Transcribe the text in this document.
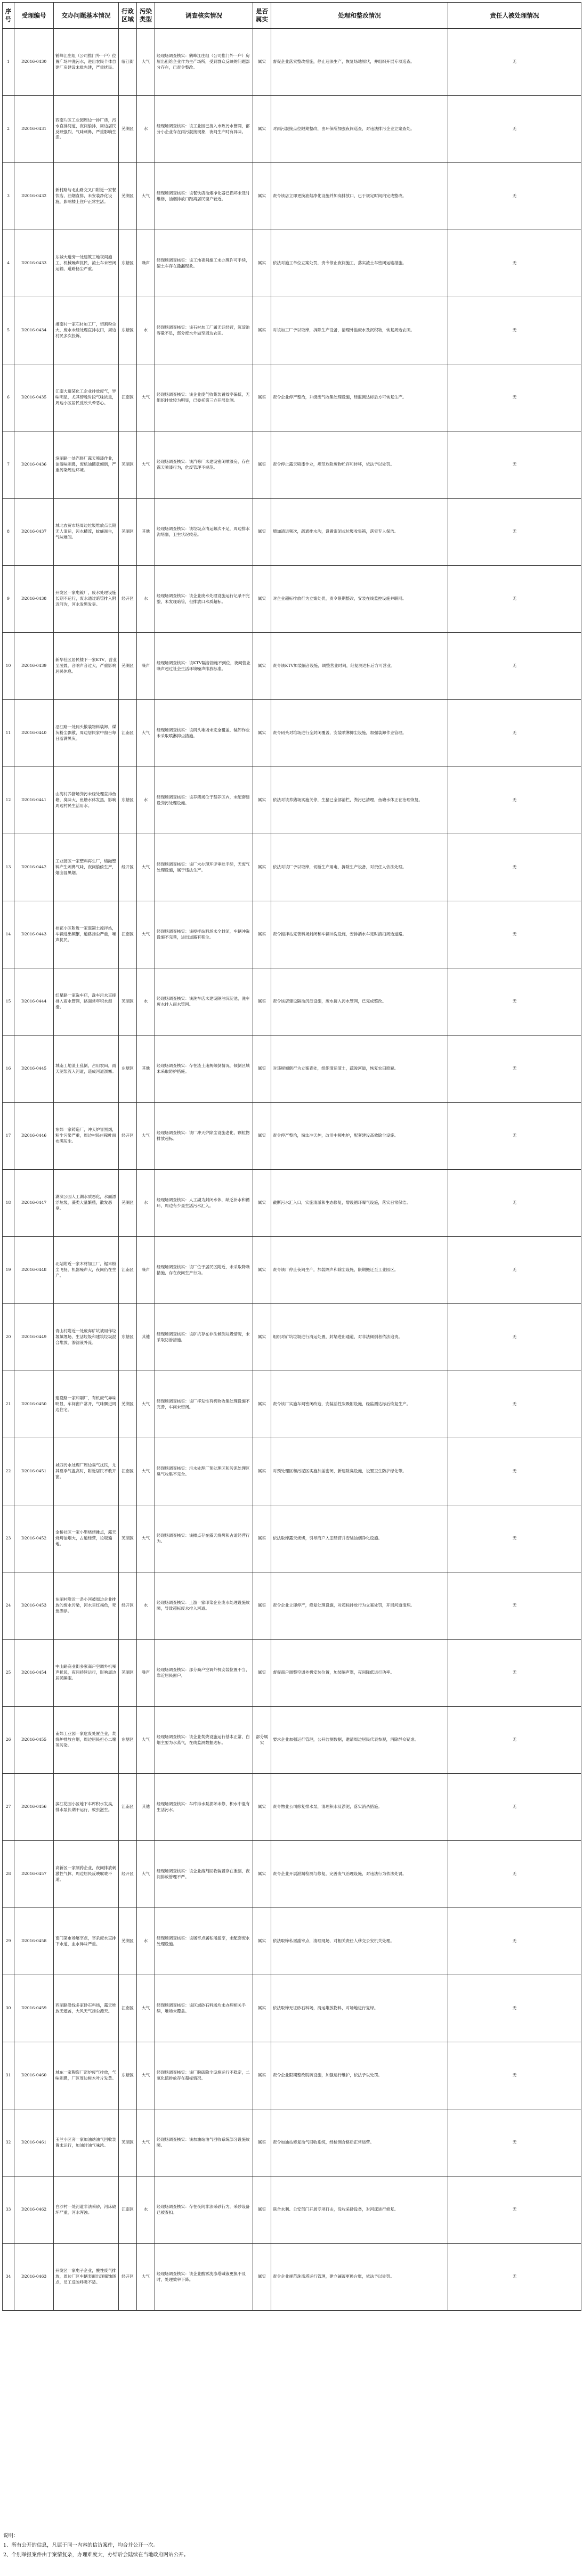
序号	受理编号	交办问题基本情况	行政区域	污染类型	调查核实情况	是否属实	处理和整改情况	责任人被处理情况
1	D2016-0430	鹤峰江庄组（公司推门外一户）位置广场冲洗污水，进出农民个体自建厂房建设未批先建，严重扰民。	临江街	大气	经现场调查核实：鹤峰江庄组（公司推门外一户）房屋出租给企业作为生产场所，受到群众反映的问题部分存在，已责令整改。	属实	督促企业落实整改措施，停止违法生产，恢复场地原状，并组织开展专项巡查。	无
2	D2016-0431	西南片区工业园周边一排厂房，污水直排河道，夜间偷排，周边居民反映强烈，气味刺鼻，严重影响生活。	芜湖区	水	经现场调查核实：该工业园已接入市政污水管网，部分小企业存在雨污混接现象，夜间生产时有异味。	属实	对雨污混接点位限期整改，由环保所加强夜间巡查，对违法排污企业立案查处。	无
3	D2016-0432	新村路与北山路交叉口附近一家餐饮店，油烟直排，未安装净化设施，影响楼上住户正常生活。	芜湖区	大气	经现场调查核实：该餐饮店油烟净化器已损坏未及时维修，油烟排放口距离居民窗户较近。	属实	责令该店立即更换油烟净化设施并加高排放口，已于规定时间内完成整改。	无
4	D2016-0433	东城大道旁一处建筑工地夜间施工，机械噪声扰民，渣土车未密闭运输，道路扬尘严重。	东塘区	噪声	经现场调查核实：该工地夜间施工未办理许可手续，渣土车存在撒漏现象。	属实	依法对施工单位立案处罚，责令停止夜间施工，落实渣土车密闭运输措施。	无
5	D2016-0434	湘南村一家石材加工厂，切割粉尘大，废水未经处理直排农田，周边村民多次投诉。	东塘区	水	经现场调查核实：该石材加工厂属无证经营，沉淀池容量不足，部分废水外溢至周边农田。	属实	对该加工厂予以取缔，拆除生产设备，清理外溢废水及沉积物，恢复周边农田。	无
6	D2016-0435	江南大道某化工企业排放废气，异味明显，尤其傍晚时段气味浓重，周边小区居民反映头晕恶心。	江南区	大气	经现场调查核实：该企业废气收集装置效率偏低，无组织排放较为明显，已委托第三方开展监测。	属实	责令企业停产整治，升级废气收集处理设施，经监测达标后方可恢复生产。	无
7	D2016-0436	滨湖路一处汽修厂露天喷漆作业，油漆味刺鼻，废机油随意倾倒，严重污染周边环境。	芜湖区	大气	经现场调查核实：该汽修厂未建设密闭喷漆房，存在露天喷漆行为，危废管理不规范。	属实	责令停止露天喷漆作业，规范危险废物贮存和转移，依法予以处罚。	无
8	D2016-0437	城北农贸市场周边垃圾堆放点长期无人清运，污水横流，蚊蝇滋生，气味难闻。	芜湖区	其他	经现场调查核实：该垃圾点清运频次不足，周边排水沟堵塞，卫生状况较差。	属实	增加清运频次，疏通排水沟，设置密闭式垃圾收集箱，落实专人保洁。	无
9	D2016-0438	开发区一家电镀厂，废水处理设施长期不运行，废水通过暗管排入附近河沟，河水发黑发臭。	经开区	水	经现场调查核实：该企业废水处理设施运行记录不完整，未发现暗管，但排放口水质超标。	属实	对企业超标排放行为立案处罚，责令限期整改，安装在线监控设施并联网。	无
10	D2016-0439	新华社区居民楼下一家KTV，营业至凌晨，音响声音过大，严重影响居民休息。	芜湖区	噪声	经现场调查核实：该KTV隔音措施不到位，夜间营业噪声超过社会生活环境噪声排放标准。	属实	责令该KTV加装隔音设施，调整营业时间，经复测达标后方可营业。	无
11	D2016-0440	沿江路一处码头散装物料装卸，煤灰粉尘飘散，周边居民家中窗台每日落满黑灰。	江南区	大气	经现场调查核实：该码头堆场未完全覆盖，装卸作业未采取喷淋抑尘措施。	属实	责令码头对堆场进行全封闭覆盖，安装喷淋抑尘设施，加强装卸作业管理。	无
12	D2016-0441	山湾村养猪场粪污未经处理直排鱼塘，臭味大，鱼塘水体发黑，影响周边村民生活用水。	东塘区	水	经现场调查核实：该养猪场位于禁养区内，未配套建设粪污处理设施。	属实	依法对该养猪场实施关停，生猪已全部清栏，粪污已清理，鱼塘水体正在治理恢复。	无
13	D2016-0442	工业园区一家塑料再生厂，熔融塑料产生刺鼻气味，夜间偷偷生产，烟囱冒黑烟。	经开区	大气	经现场调查核实：该厂未办理环评审批手续，无废气处理设施，属于违法生产。	属实	依法对该厂予以取缔，切断生产用电，拆除生产设备，对责任人依法处理。	无
14	D2016-0443	桂花小区附近一家混凝土搅拌站，车辆进出频繁，道路扬尘严重，噪声扰民。	江南区	大气	经现场调查核实：该搅拌站料场未全封闭，车辆冲洗设施不完善，进出道路有积尘。	属实	责令搅拌站完善料场封闭和车辆冲洗设施，安排洒水车定时清扫周边道路。	无
15	D2016-0444	红星路一家洗车店，洗车污水直接排入雨水管网，路面常年积水湿滑。	芜湖区	水	经现场调查核实：该洗车店未建设隔油沉淀池，洗车废水排入雨水管网。	属实	责令该店建设隔油沉淀设施，废水接入污水管网，已完成整改。	无
16	D2016-0445	城南工地渣土乱倒，占用农田，雨天泥浆流入河道，造成河道淤塞。	东塘区	其他	经现场调查核实：存在渣土违规倾倒情况，倾倒区域未采取防护措施。	属实	对违规倾倒行为立案查处，组织清运渣土，疏浚河道，恢复农田原貌。	无
17	D2016-0446	东郊一家铸造厂，冲天炉冒黑烟，粉尘污染严重，周边村民庄稼叶面布满灰尘。	经开区	大气	经现场调查核实：该厂冲天炉除尘设施老化，颗粒物排放超标。	属实	责令停产整治，淘汰冲天炉，改用中频电炉，配套建设高效除尘设施。	无
18	D2016-0447	湖滨公园人工湖水质恶化，水面漂浮垃圾，藻类大量繁殖，散发恶臭。	芜湖区	水	经现场调查核实：人工湖为封闭水体，缺乏补水和循环，周边有少量生活污水汇入。	属实	截断污水汇入口，实施清淤和生态修复，增设循环曝气设施，落实日常保洁。	无
19	D2016-0448	北站附近一家木材加工厂，锯末粉尘飞扬，机器噪声大，夜间仍在生产。	江南区	噪声	经现场调查核实：该厂位于居民区附近，未采取降噪措施，存在夜间生产行为。	属实	责令该厂停止夜间生产，加装隔声和除尘设施，限期搬迁至工业园区。	无
20	D2016-0449	青山村附近一处废弃矿坑被用作垃圾填埋场，生活垃圾和建筑垃圾混合堆放，渗滤液外流。	东塘区	其他	经现场调查核实：该矿坑存在非法倾倒垃圾情况，未采取防渗措施。	属实	组织对矿坑垃圾进行清运处置，封堵进出通道，对非法倾倒者依法追责。	无
21	D2016-0450	建设路一家印刷厂，有机废气异味明显，车间窗户常开，气味飘进周边住宅。	芜湖区	大气	经现场调查核实：该厂挥发性有机物收集处理设施不完善，车间未密闭。	属实	责令该厂实施车间密闭改造，安装活性炭吸附设施，经监测达标后恢复生产。	无
22	D2016-0451	城西污水处理厂周边臭气扰民，尤其夏季气温高时，附近居民不敢开窗。	江南区	大气	经现场调查核实：污水处理厂预处理区和污泥处理区臭气收集不完全。	属实	对预处理区和污泥区实施加盖密闭，新建除臭设施，设置卫生防护绿化带。	无
23	D2016-0452	金桥社区一家小型烧烤摊点，露天烧烤油烟大，占道经营，垃圾遍地。	芜湖区	大气	经现场调查核实：该摊点存在露天烧烤和占道经营行为。	属实	依法取缔露天烧烤，引导商户入室经营并安装油烟净化设施。	无
24	D2016-0453	东湖村附近一条小河被周边企业排放的废水污染，河水呈红褐色，死鱼漂浮。	经开区	水	经现场调查核实：上游一家印染企业废水处理设施故障，导致超标废水排入河道。	属实	责令企业立即停产，修复处理设施，对超标排放行为立案处罚，开展河道清理。	无
25	D2016-0454	中山路商业街多家商户空调外机噪声扰民，夜间持续运行，影响周边居民睡眠。	芜湖区	噪声	经现场调查核实：部分商户空调外机安装位置不当，靠近居民窗户。	属实	督促商户调整空调外机安装位置，加装隔声罩，夜间降低运行功率。	无
26	D2016-0455	南郊工业园一家危废处置企业，焚烧炉排放白烟，周边居民担心二噁英污染。	东塘区	大气	经现场调查核实：该企业焚烧设施运行基本正常，白烟主要为水蒸气，在线监测数据达标。	部分属实	要求企业加强运行管理，公开监测数据，邀请周边居民代表参观，消除群众疑虑。	无
27	D2016-0456	滨江花园小区地下车库积水发臭，排水泵长期不运行，蚊虫滋生。	江南区	其他	经现场调查核实：车库排水泵损坏未修，积水中混有生活污水。	属实	责令物业公司修复排水泵，清理积水及淤泥，落实消杀措施。	无
28	D2016-0457	高新区一家制药企业，夜间排放刺激性气体，周边居民反映喉咙不适。	经开区	大气	经现场调查核实：该企业溶剂回收装置存在泄漏，夜间排放管理不严。	属实	责令企业开展泄漏检测与修复，完善废气治理设施，对违法行为依法处罚。	无
29	D2016-0458	南门菜市场屠宰点，宰杀废水直排下水道，血水异味严重。	芜湖区	水	经现场调查核实：该屠宰点属私屠滥宰，未配套废水处理设施。	属实	依法取缔私屠滥宰点，清理现场，对相关责任人移交公安机关处理。	无
30	D2016-0459	西湖路沿线多家砂石料场，露天堆放无遮盖，大风天气扬尘漫天。	江南区	大气	经现场调查核实：该区域砂石料场均未办理相关手续，堆场未覆盖。	属实	依法取缔无证砂石料场，清运堆放物料，对场地进行复绿。	无
31	D2016-0460	城东一家陶瓷厂窑炉废气排放，气味刺鼻，厂区周边树木叶片发黄。	东塘区	大气	经现场调查核实：该厂脱硫除尘设施运行不稳定，二氧化硫排放存在超标情况。	属实	责令企业限期整改脱硫设施，加强运行维护，依法予以处罚。	无
32	D2016-0461	玉兰小区旁一家加油站油气回收装置未运行，加油时油气味浓。	芜湖区	大气	经现场调查核实：该加油站油气回收系统部分设施故障。	属实	责令加油站修复油气回收系统，经检测合格后正常运营。	无
33	D2016-0462	白沙村一处河道非法采砂，河床破坏严重，河水浑浊。	江南区	水	经现场调查核实：存在夜间非法采砂行为，采砂设备已被查扣。	属实	联合水利、公安部门开展专项打击，没收采砂设备，对河床进行修复。	无
34	D2016-0463	开发区一家电子企业，酸性废气排放，周边厂区车辆表面出现腐蚀斑点，员工反映呼吸不适。	经开区	大气	经现场调查核实：该企业酸雾洗涤塔碱液更换不及时，处理效率下降。	属实	责令企业规范洗涤塔运行管理，建立碱液更换台账，依法予以处罚。	无
说明：
1、所有公开的信息，凡属于同一内容的信访案件，均合并公开一次。
2、个别举报案件由于案情复杂，办理难度大，办结后会陆续在当地政府网站公开。
